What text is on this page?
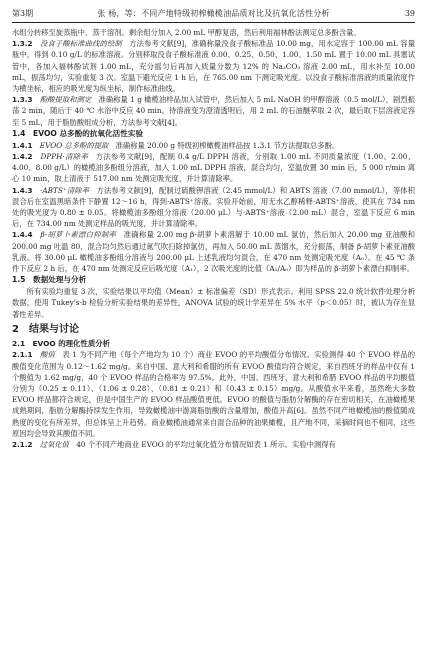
第3期	张 杨，等：不同产地特级初榨橄榄油品质对比及抗氧化活性分析	39

水组分转移至旋蒸瓶中，蒸干溶剂。剩余组分加入 2.00 mL 甲醇复溶，然后利用福林酚法测定总多酚含量。

1.3.2　 没食子酸标准曲线的绘制　 方法参考文献[9]，准确称量没食子酸标准品 10.00 mg，用水定容于 100.00 mL 容量瓶中，得到 0.10 g/L 的标准溶液。分别移取没食子酸标准液 0.00、0.25、0.50、1.00、1.50 mL 置于 10.00 mL 具塞试管中，各加入福林酚试剂 1.00 mL，充分摇匀后再加入质量分数为 12% 的 Na₂CO₃ 溶液 2.00 mL，用水补至 10.00 mL，振荡均匀，实验重复 3 次。室温下避光反应 1 h 后，在 765.00 nm 下测定吸光度。以没食子酸标准溶液的质量浓度作为横坐标，相应的吸光度为纵坐标，制作标准曲线。

1.3.3　 酚酸提取和测定　 准确称量 1 g 橄榄油样品加入试管中，然后加入 5 mL NaOH 的甲醇溶液（0.5 mol/L），剧烈振荡 2 min，随后于 40 ℃ 水浴中反应 40 min。待溶液变为澄清透明后，用 2 mL 的石油醚萃取 2 次，最后取下层溶液定容至 5 mL，用于脂肪酸组成分析，方法参考文献[4]。

1.4　EVOO 总多酚的抗氧化活性实验

1.4.1　 EVOO 总多酚的提取　 准确称量 20.00 g 特级初榨橄榄油样品按 1.3.1 节方法提取总多酚。

1.4.2　 DPPH·清除率　 方法参考文献[9]，配制 0.4 g/L DPPH 溶液，分别取 1.00 mL 不同质量浓度（1.00、2.00、4.00、8.00 g/L）的橄榄油多酚组分溶液，加入 1.00 mL DPPH 溶液，混合均匀，室温放置 30 min 后，5 000 r/min 离心 10 min，取上清液于 517.00 nm 处测定吸光度，并计算清除率。

1.4.3　 ·ABTS⁺清除率　 方法参考文献[9]，配制过硫酸钾溶液（2.45 mmol/L）和 ABTS 溶液（7.00 mmol/L），等体积混合后在室温黑暗条件下静置 12～16 h，得到·ABTS⁺溶液。实验开始前，用无水乙醇稀释·ABTS⁺溶液，使其在 734 nm 处的吸光度为 0.80 ± 0.05。将橄榄油多酚组分溶液（20.00 μL）与·ABTS⁺溶液（2.00 mL）混合，室温下反应 6 min 后，在 734.00 nm 处测定样品的吸光度，并计算清除率。

1.4.4　 β-胡萝卜素漂白抑制率　 准确称量 2.00 mg β-胡萝卜素溶解于 10.00 mL 氯仿，然后加入 20.00 mg 亚油酸和 200.00 mg 吐温 80，混合均匀然后通过氮气吹扫除掉氯仿，再加入 50.00 mL 蒸馏水，充分振荡，制备 β-胡萝卜素亚油酸乳液。将 30.00 μL 橄榄油多酚组分溶液与 200.00 μL 上述乳液均匀混合，在 470 nm 处测定吸光度（A₀）。在 45 ℃ 条件下反应 2 h 后，在 470 nm 处测定反应后吸光度（A₁），2 次吸光度的比值（A₁/A₀）即为样品的 β-胡萝卜素漂白抑制率。

1.5　数据处理与分析

所有实验均重复 3 次，实验结果以平均值（Mean）± 标准偏差（SD）形式表示。利用 SPSS 22.0 统计软件处理分析数据，使用 Tukey's-b 检验分析实验结果的差异性，ANOVA 试验的统计学差异在 5% 水平（p＜0.05）时，被认为存在显著性差异。

2　结果与讨论
2.1　EVOO 的理化性质分析

2.1.1　 酸值　 表 1 为不同产地（每个产地均为 10 个）商业 EVOO 的平均酸值分布情况。实验测得 40 个 EVOO 样品的酸值变化范围为 0.12～1.62 mg/g。来自中国、意大利和希腊的所有 EVOO 酸值均符合规定，来自西班牙的样品中仅有 1 个酸值为 1.62 mg/g，40 个 EVOO 样品的合格率为 97.5%。此外，中国、西班牙、意大利和希腊 EVOO 样品的平均酸值分别为（0.25 ± 0.11）、（1.06 ± 0.28）、（0.81 ± 0.21）和（0.43 ± 0.15）mg/g。从酸值水平来看，虽然绝大多数 EVOO 样品都符合规定，但是中国生产的 EVOO 样品酸值更低。EVOO 的酸值与脂肪分解酶的存在密切相关，在油橄榄果成熟期间，脂肪分解酶持续发生作用，导致橄榄油中游离脂肪酸的含量增加，酸值升高[6]。虽然不同产地橄榄油的酸值随成熟度的变化有所差异，但总体呈上升趋势。商业橄榄油通常来自混合品种的油果橄榄，且产地不同，采摘时间也不相同，这些原因均会导致其酸值不同。

2.1.2　 过氧化值　 40 个不同产地商业 EVOO 的平均过氧化值分布情况如表 1 所示。实验中测得有
